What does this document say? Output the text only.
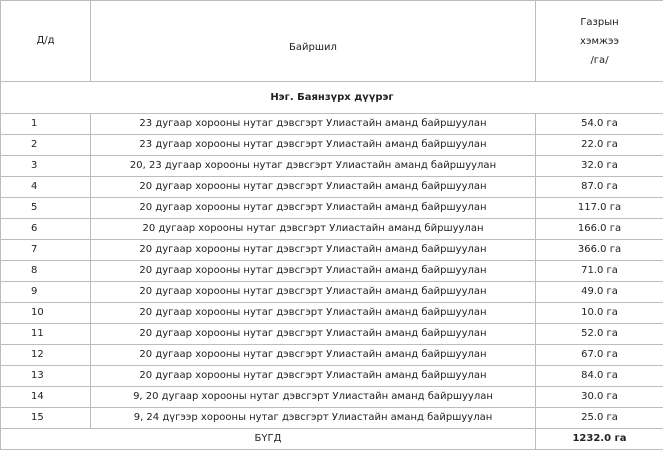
Д/д	Байршил	Газрын
хэмжээ
/га/

Нэг. Баянзүрх дүүрэг		
1	23 дугаар хорооны нутаг дэвсгэрт Улиастайн аманд байршуулан	54.0 га
2	23 дугаар хорооны нутаг дэвсгэрт Улиастайн аманд байршуулан	22.0 га
3	20, 23 дугаар хорооны нутаг дэвсгэрт Улиастайн аманд байршуулан	32.0 га
4	20 дугаар хорооны нутаг дэвсгэрт Улиастайн аманд байршуулан	87.0 га
5	20 дугаар хорооны нутаг дэвсгэрт Улиастайн аманд байршуулан	117.0 га
6	20 дугаар хорооны нутаг дэвсгэрт Улиастайн аманд бйршуулан	166.0 га
7	20 дугаар хорооны нутаг дэвсгэрт Улиастайн аманд байршуулан	366.0 га
8	20 дугаар хорооны нутаг дэвсгэрт Улиастайн аманд байршуулан	71.0 га
9	20 дугаар хорооны нутаг дэвсгэрт Улиастайн аманд байршуулан	49.0 га
10	20 дугаар хорооны нутаг дэвсгэрт Улиастайн аманд байршуулан	10.0 га
11	20 дугаар хорооны нутаг дэвсгэрт Улиастайн аманд байршуулан	52.0 га
12	20 дугаар хорооны нутаг дэвсгэрт Улиастайн аманд байршуулан	67.0 га
13	20 дугаар хорооны нутаг дэвсгэрт Улиастайн аманд байршуулан	84.0 га
14	9, 20 дугаар хорооны нутаг дэвсгэрт Улиастайн аманд байршуулан	30.0 га
15	9, 24 дүгээр хорооны нутаг дэвсгэрт Улиастайн аманд байршуулан	25.0 га
БҮГД		1232.0 га
